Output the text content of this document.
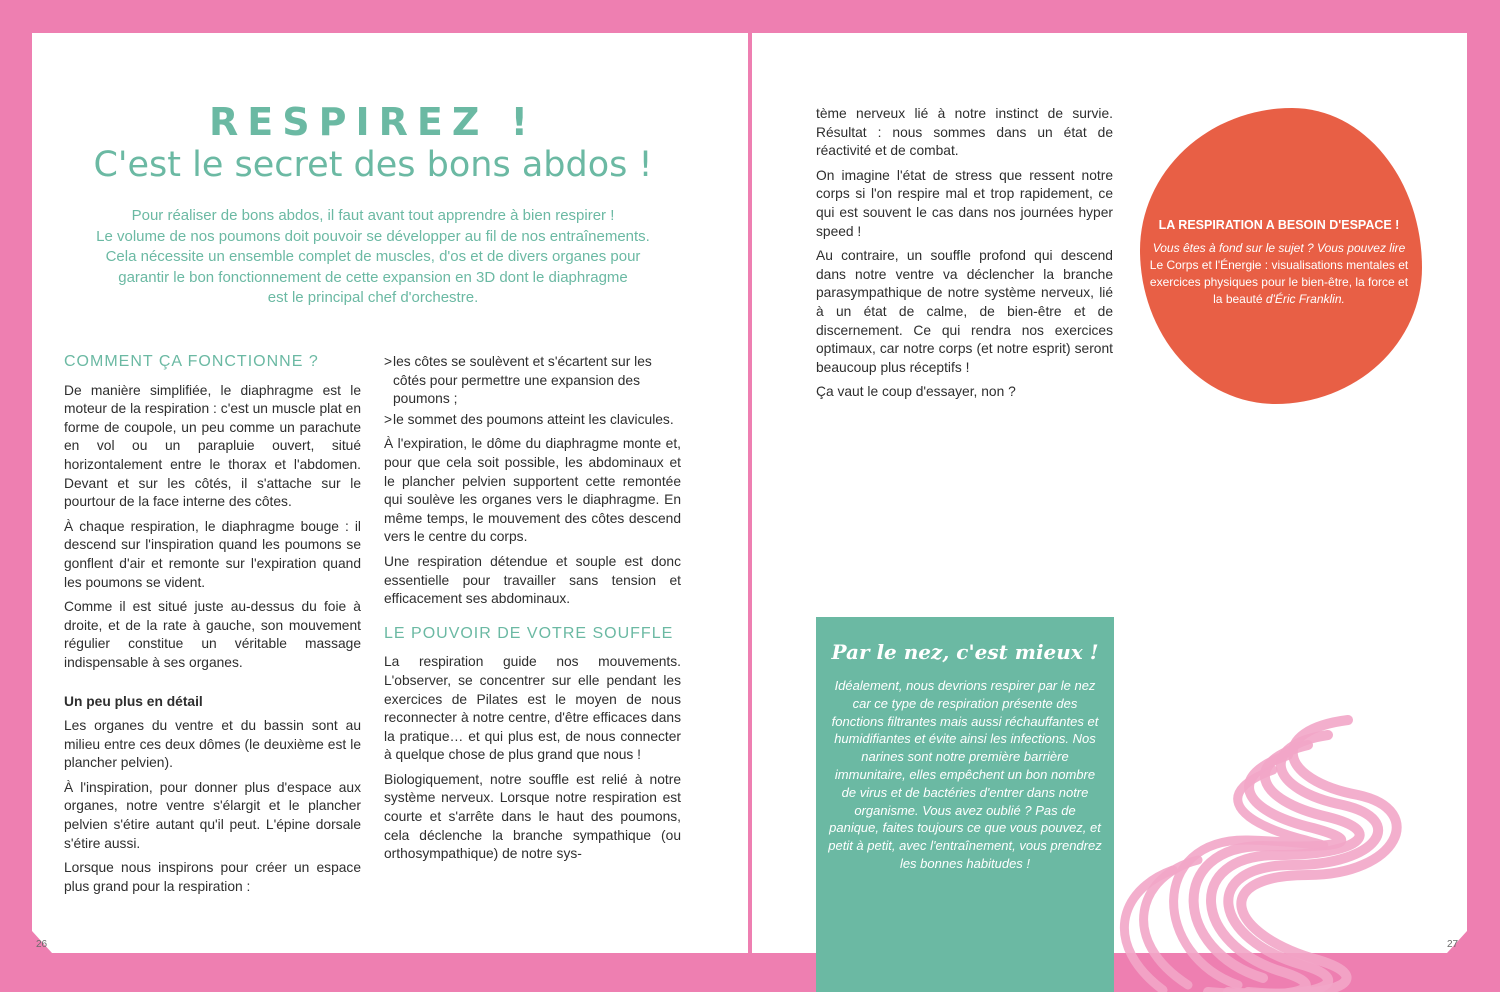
26	27
RESPIREZ !
C'est le secret des bons abdos !
Pour réaliser de bons abdos, il faut avant tout apprendre à bien respirer !
Le volume de nos poumons doit pouvoir se développer au fil de nos entraînements.
Cela nécessite un ensemble complet de muscles, d'os et de divers organes pour
garantir le bon fonctionnement de cette expansion en 3D dont le diaphragme
est le principal chef d'orchestre.
COMMENT ÇA FONCTIONNE ?

De manière simplifiée, le diaphragme est le moteur de la respiration : c'est un muscle plat en forme de coupole, un peu comme un parachute en vol ou un parapluie ouvert, situé horizontalement entre le thorax et l'abdomen. Devant et sur les côtés, il s'attache sur le pourtour de la face interne des côtes.

À chaque respiration, le diaphragme bouge : il descend sur l'inspiration quand les poumons se gonflent d'air et remonte sur l'expiration quand les poumons se vident.

Comme il est situé juste au-dessus du foie à droite, et de la rate à gauche, son mouvement régulier constitue un véritable massage indispensable à ses organes.

Un peu plus en détail

Les organes du ventre et du bassin sont au milieu entre ces deux dômes (le deuxième est le plancher pelvien).

À l'inspiration, pour donner plus d'espace aux organes, notre ventre s'élargit et le plancher pelvien s'étire autant qu'il peut. L'épine dorsale s'étire aussi.

Lorsque nous inspirons pour créer un espace plus grand pour la respiration :

> les côtes se soulèvent et s'écartent sur les côtés pour permettre une expansion des poumons ;
> le sommet des poumons atteint les clavicules.

À l'expiration, le dôme du diaphragme monte et, pour que cela soit possible, les abdominaux et le plancher pelvien supportent cette remontée qui soulève les organes vers le diaphragme. En même temps, le mouvement des côtes descend vers le centre du corps.

Une respiration détendue et souple est donc essentielle pour travailler sans tension et efficacement ses abdominaux.

LE POUVOIR DE VOTRE SOUFFLE

La respiration guide nos mouvements. L'observer, se concentrer sur elle pendant les exercices de Pilates est le moyen de nous reconnecter à notre centre, d'être efficaces dans la pratique… et qui plus est, de nous connecter à quelque chose de plus grand que nous !

Biologiquement, notre souffle est relié à notre système nerveux. Lorsque notre respiration est courte et s'arrête dans le haut des poumons, cela déclenche la branche sympathique (ou orthosympathique) de notre sys-

tème nerveux lié à notre instinct de survie. Résultat : nous sommes dans un état de réactivité et de combat.

On imagine l'état de stress que ressent notre corps si l'on respire mal et trop rapidement, ce qui est souvent le cas dans nos journées hyper speed !

Au contraire, un souffle profond qui descend dans notre ventre va déclencher la branche parasympathique de notre système nerveux, lié à un état de calme, de bien-être et de discernement. Ce qui rendra nos exercices optimaux, car notre corps (et notre esprit) seront beaucoup plus réceptifs !

Ça vaut le coup d'essayer, non ?

LA RESPIRATION A BESOIN D'ESPACE !
Vous êtes à fond sur le sujet ? Vous pouvez lire Le Corps et l'Énergie : visualisations mentales et exercices physiques pour le bien-être, la force et la beauté d'Éric Franklin.
Par le nez, c'est mieux !
Idéalement, nous devrions respirer par le nez car ce type de respiration présente des fonctions filtrantes mais aussi réchauffantes et humidifiantes et évite ainsi les infections. Nos narines sont notre première barrière immunitaire, elles empêchent un bon nombre de virus et de bactéries d'entrer dans notre organisme. Vous avez oublié ? Pas de panique, faites toujours ce que vous pouvez, et petit à petit, avec l'entraînement, vous prendrez les bonnes habitudes !
